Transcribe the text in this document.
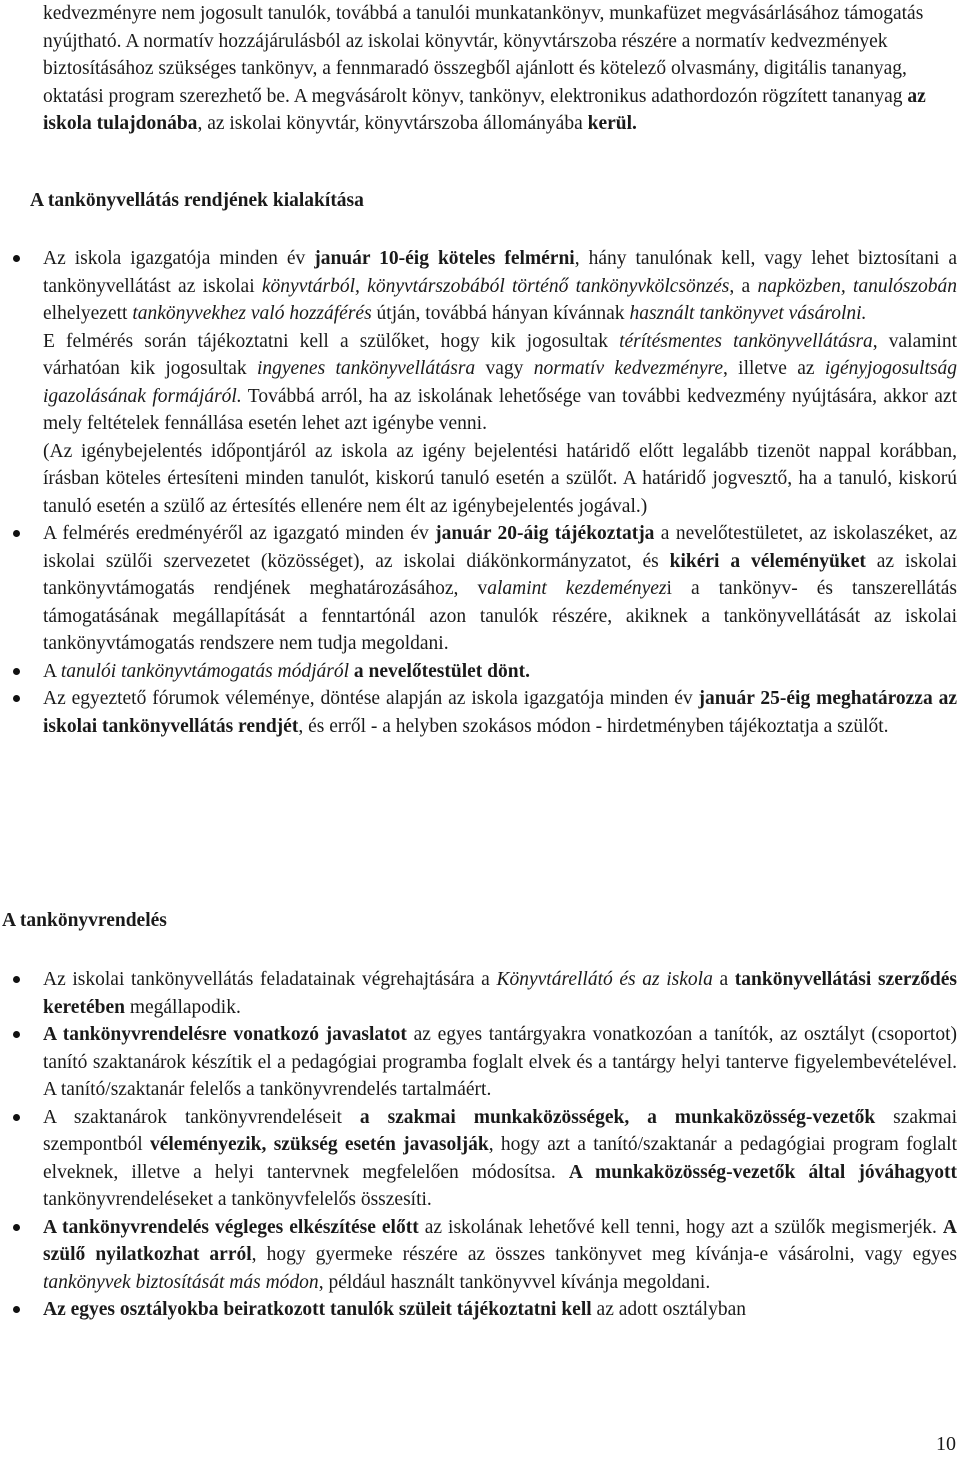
kedvezményre nem jogosult tanulók, továbbá a tanulói munkatankönyv, munkafüzet megvásárlásához támogatás nyújtható. A normatív hozzájárulásból az iskolai könyvtár, könyvtárszoba részére a normatív kedvezmények biztosításához szükséges tankönyv, a fennmaradó összegből ajánlott és kötelező olvasmány, digitális tananyag, oktatási program szerezhető be. A megvásárolt könyv, tankönyv, elektronikus adathordozón rögzített tananyag az iskola tulajdonába, az iskolai könyvtár, könyvtárszoba állományába kerül.

A tankönyvellátás rendjének kialakítása

Az iskola igazgatója minden év január 10-éig köteles felmérni, hány tanulónak kell, vagy lehet biztosítani a tankönyvellátást az iskolai könyvtárból, könyvtárszobából történő tankönyvkölcsönzés, a napközben, tanulószobán elhelyezett tankönyvekhez való hozzáférés útján, továbbá hányan kívánnak használt tankönyvet vásárolni.

E felmérés során tájékoztatni kell a szülőket, hogy kik jogosultak térítésmentes tankönyvellátásra, valamint várhatóan kik jogosultak ingyenes tankönyvellátásra vagy normatív kedvezményre, illetve az igényjogosultság igazolásának formájáról. Továbbá arról, ha az iskolának lehetősége van további kedvezmény nyújtására, akkor azt mely feltételek fennállása esetén lehet azt igénybe venni.

(Az igénybejelentés időpontjáról az iskola az igény bejelentési határidő előtt legalább tizenöt nappal korábban, írásban köteles értesíteni minden tanulót, kiskorú tanuló esetén a szülőt. A határidő jogvesztő, ha a tanuló, kiskorú tanuló esetén a szülő az értesítés ellenére nem élt az igénybejelentés jogával.)

A felmérés eredményéről az igazgató minden év január 20-áig tájékoztatja a nevelőtestületet, az iskolaszéket, az iskolai szülői szervezetet (közösséget), az iskolai diákönkormányzatot, és kikéri a véleményüket az iskolai tankönyvtámogatás rendjének meghatározásához, valamint kezdeményezi a tankönyv- és tanszerellátás támogatásának megállapítását a fenntartónál azon tanulók részére, akiknek a tankönyvellátását az iskolai tankönyvtámogatás rendszere nem tudja megoldani.

A tanulói tankönyvtámogatás módjáról a nevelőtestület dönt.

Az egyeztető fórumok véleménye, döntése alapján az iskola igazgatója minden év január 25-éig meghatározza az iskolai tankönyvellátás rendjét, és erről - a helyben szokásos módon - hirdetményben tájékoztatja a szülőt.

A tankönyvrendelés

Az iskolai tankönyvellátás feladatainak végrehajtására a Könyvtárellátó és az iskola a tankönyvellátási szerződés keretében megállapodik.

A tankönyvrendelésre vonatkozó javaslatot az egyes tantárgyakra vonatkozóan a tanítók, az osztályt (csoportot) tanító szaktanárok készítik el a pedagógiai programba foglalt elvek és a tantárgy helyi tanterve figyelembevételével. A tanító/szaktanár felelős a tankönyvrendelés tartalmáért.

A szaktanárok tankönyvrendeléseit a szakmai munkaközösségek, a munkaközösség-vezetők szakmai szempontból véleményezik, szükség esetén javasolják, hogy azt a tanító/szaktanár a pedagógiai program foglalt elveknek, illetve a helyi tantervnek megfelelően módosítsa. A munkaközösség-vezetők által jóváhagyott tankönyvrendeléseket a tankönyvfelelős összesíti.

A tankönyvrendelés végleges elkészítése előtt az iskolának lehetővé kell tenni, hogy azt a szülők megismerjék. A szülő nyilatkozhat arról, hogy gyermeke részére az összes tankönyvet meg kívánja-e vásárolni, vagy egyes tankönyvek biztosítását más módon, például használt tankönyvvel kívánja megoldani.

Az egyes osztályokba beiratkozott tanulók szüleit tájékoztatni kell az adott osztályban

10
